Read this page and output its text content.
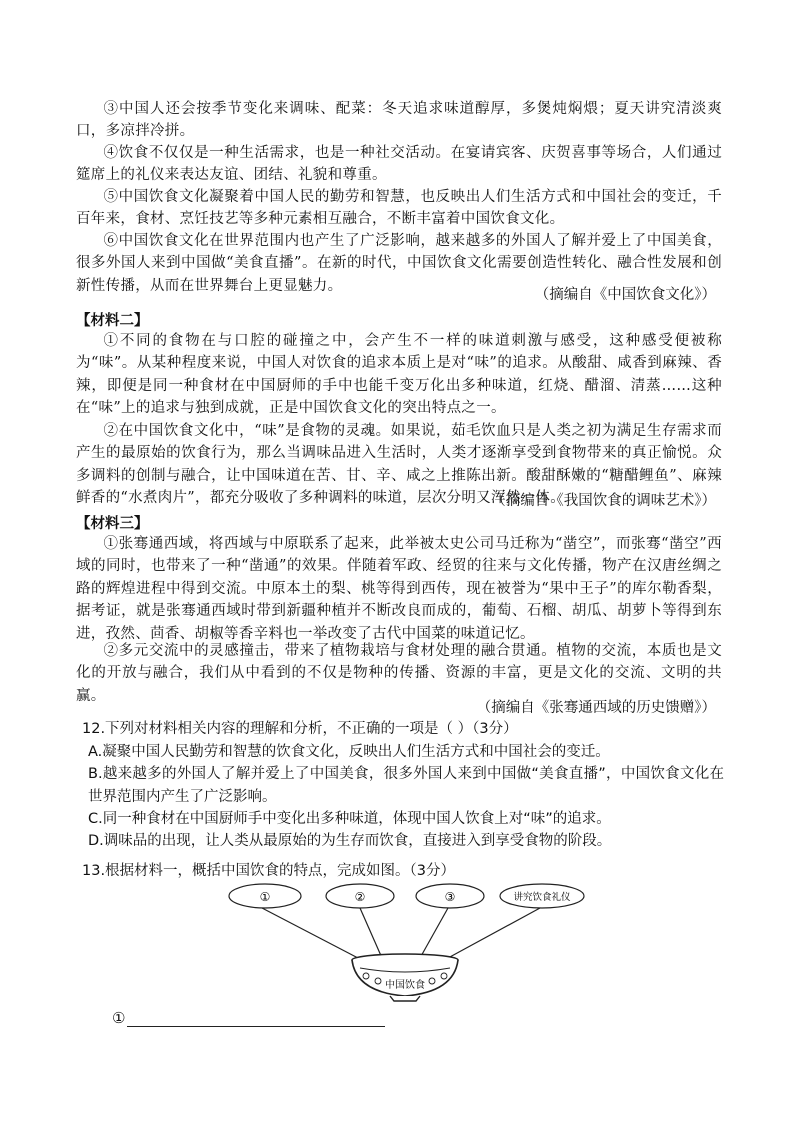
③中国人还会按季节变化来调味、配菜：冬天追求味道醇厚，多煲炖焖煨；夏天讲究清淡爽口，多凉拌冷拼。

④饮食不仅仅是一种生活需求，也是一种社交活动。在宴请宾客、庆贺喜事等场合，人们通过筵席上的礼仪来表达友谊、团结、礼貌和尊重。

⑤中国饮食文化凝聚着中国人民的勤劳和智慧，也反映出人们生活方式和中国社会的变迁，千百年来，食材、烹饪技艺等多种元素相互融合，不断丰富着中国饮食文化。

⑥中国饮食文化在世界范围内也产生了广泛影响，越来越多的外国人了解并爱上了中国美食，很多外国人来到中国做“美食直播”。在新的时代，中国饮食文化需要创造性转化、融合性发展和创新性传播，从而在世界舞台上更显魅力。

（摘编自《中国饮食文化》）

【材料二】

①不同的食物在与口腔的碰撞之中，会产生不一样的味道刺激与感受，这种感受便被称为“味”。从某种程度来说，中国人对饮食的追求本质上是对“味”的追求。从酸甜、咸香到麻辣、香辣，即便是同一种食材在中国厨师的手中也能千变万化出多种味道，红烧、醋溜、清蒸……这种在“味”上的追求与独到成就，正是中国饮食文化的突出特点之一。

②在中国饮食文化中，“味”是食物的灵魂。如果说，茹毛饮血只是人类之初为满足生存需求而产生的最原始的饮食行为，那么当调味品进入生活时，人类才逐渐享受到食物带来的真正愉悦。众多调料的创制与融合，让中国味道在苦、甘、辛、咸之上推陈出新。酸甜酥嫩的“糖醋鲤鱼”、麻辣鲜香的“水煮肉片”，都充分吸收了多种调料的味道，层次分明又浑然一体。

（摘编自《我国饮食的调味艺术》）

【材料三】

①张骞通西域，将西域与中原联系了起来，此举被太史公司马迁称为“凿空”，而张骞“凿空”西域的同时，也带来了一种“凿通”的效果。伴随着军政、经贸的往来与文化传播，物产在汉唐丝绸之路的辉煌进程中得到交流。中原本土的梨、桃等得到西传，现在被誉为“果中王子”的库尔勒香梨，据考证，就是张骞通西域时带到新疆种植并不断改良而成的，葡萄、石榴、胡瓜、胡萝卜等得到东进，孜然、茴香、胡椒等香辛料也一举改变了古代中国菜的味道记忆。

②多元交流中的灵感撞击，带来了植物栽培与食材处理的融合贯通。植物的交流，本质也是文化的开放与融合，我们从中看到的不仅是物种的传播、资源的丰富，更是文化的交流、文明的共赢。

（摘编自《张骞通西域的历史馈赠》）

12.下列对材料相关内容的理解和分析，不正确的一项是（ ）（3分）

A.凝聚中国人民勤劳和智慧的饮食文化，反映出人们生活方式和中国社会的变迁。

B.越来越多的外国人了解并爱上了中国美食，很多外国人来到中国做“美食直播”，中国饮食文化在世界范围内产生了广泛影响。

C.同一种食材在中国厨师手中变化出多种味道，体现中国人饮食上对“味”的追求。

D.调味品的出现，让人类从最原始的为生存而饮食，直接进入到享受食物的阶段。

13.根据材料一，概括中国饮食的特点，完成如图。（3分）

①	②	③	讲究饮食礼仪
中国饮食
①
